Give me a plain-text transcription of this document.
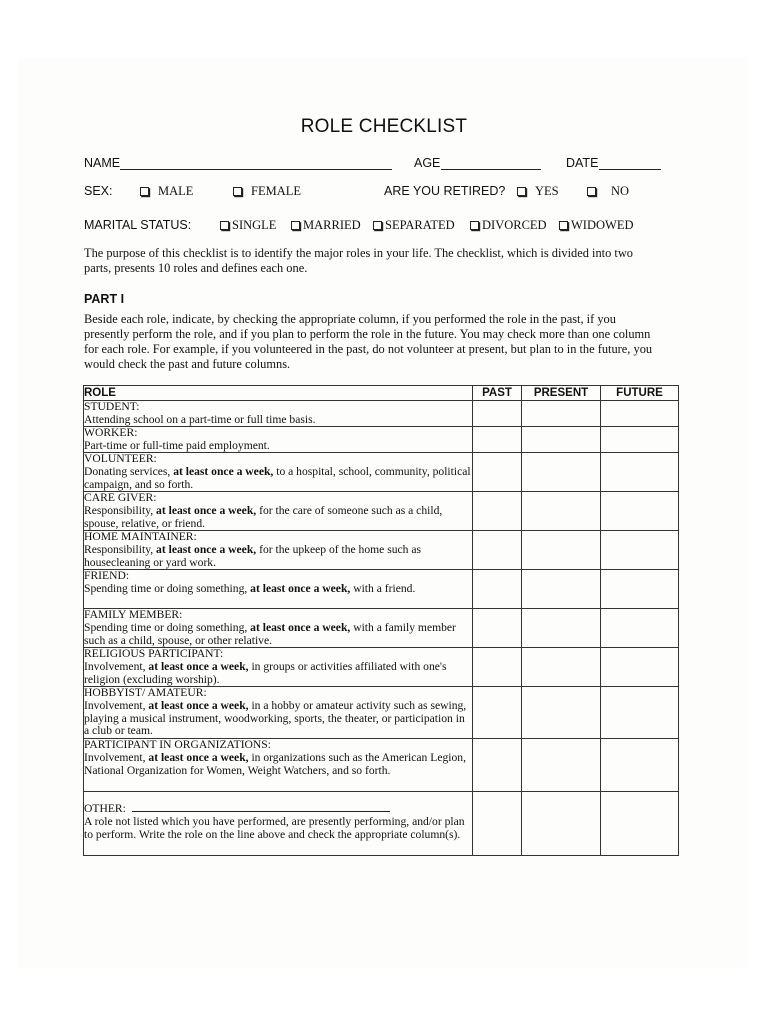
ROLE CHECKLIST
NAME	AGE	DATE
SEX:	MALE	FEMALE	ARE YOU RETIRED? YES	NO
MARITAL STATUS:	SINGLE MARRIED SEPARATED DIVORCED WIDOWED

The purpose of this checklist is to identify the major roles in your life. The checklist, which is divided into two parts, presents 10 roles and defines each one.

PART I

Beside each role, indicate, by checking the appropriate column, if you performed the role in the past, if you presently perform the role, and if you plan to perform the role in the future. You may check more than one column for each role. For example, if you volunteered in the past, do not volunteer at present, but plan to in the future, you would check the past and future columns.

ROLE	PAST	PRESENT	FUTURE

STUDENT:
Attending school on a part-time or full time basis.			

WORKER:
Part-time or full-time paid employment.			

VOLUNTEER:
Donating services, at least once a week, to a hospital, school, community, political campaign, and so forth.			

CARE GIVER:
Responsibility, at least once a week, for the care of someone such as a child, spouse, relative, or friend.			

HOME MAINTAINER:
Responsibility, at least once a week, for the upkeep of the home such as housecleaning or yard work.			

FRIEND:
Spending time or doing something, at least once a week, with a friend.			

FAMILY MEMBER:
Spending time or doing something, at least once a week, with a family member such as a child, spouse, or other relative.			

RELIGIOUS PARTICIPANT:
Involvement, at least once a week, in groups or activities affiliated with one's religion (excluding worship).			

HOBBYIST/ AMATEUR:
Involvement, at least once a week, in a hobby or amateur activity such as sewing, playing a musical instrument, woodworking, sports, the theater, or participation in a club or team.			

PARTICIPANT IN ORGANIZATIONS:
Involvement, at least once a week, in organizations such as the American Legion, National Organization for Women, Weight Watchers, and so forth.			

OTHER:
A role not listed which you have performed, are presently performing, and/or plan to perform. Write the role on the line above and check the appropriate column(s).			
